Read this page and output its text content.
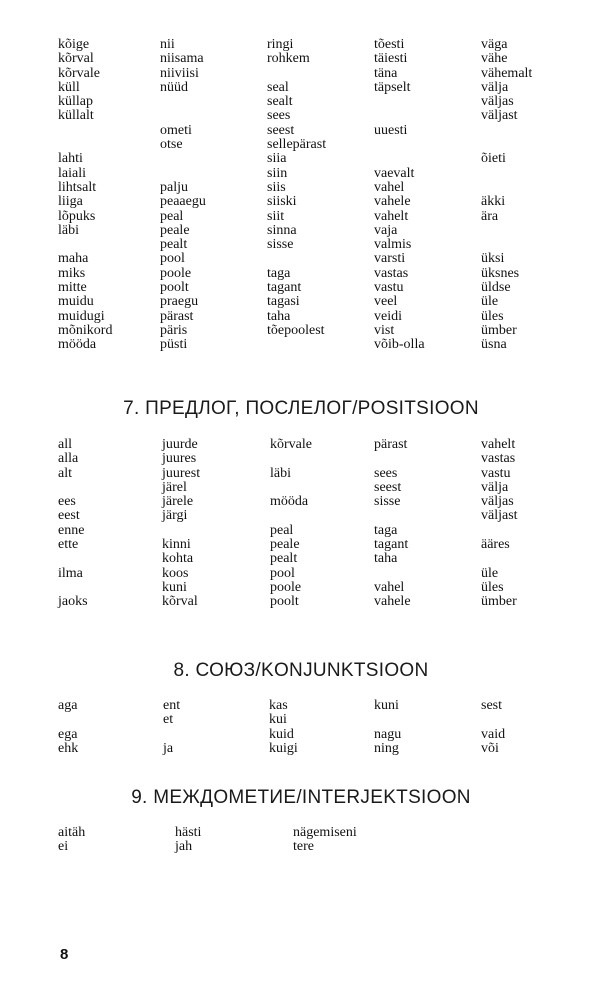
kõige
kõrval
kõrvale
küll
küllap
küllalt
lahti
laiali
lihtsalt
liiga
lõpuks
läbi
maha
miks
mitte
muidu
muidugi
mõnikord
mööda
nii
niisama
niiviisi
nüüd
ometi
otse
palju
peaaegu
peal
peale
pealt
pool
poole
poolt
praegu
pärast
päris
püsti
ringi
rohkem
seal
sealt
sees
seest
sellepärast
siia
siin
siis
siiski
siit
sinna
sisse
taga
tagant
tagasi
taha
tõepoolest
tõesti
täiesti
täna
täpselt
uuesti
vaevalt
vahel
vahele
vahelt
vaja
valmis
varsti
vastas
vastu
veel
veidi
vist
võib-olla
väga
vähe
vähemalt
välja
väljas
väljast
õieti
äkki
ära
üksi
üksnes
üldse
üle
üles
ümber
üsna
7. ПРЕДЛОГ, ПОСЛЕЛОГ/POSITSIOON
all
alla
alt
ees
eest
enne
ette
ilma
jaoks
juurde
juures
juurest
järel
järele
järgi
kinni
kohta
koos
kuni
kõrval
kõrvale
läbi
mööda
peal
peale
pealt
pool
poole
poolt
pärast
sees
seest
sisse
taga
tagant
taha
vahel
vahele
vahelt
vastas
vastu
välja
väljas
väljast
ääres
üle
üles
ümber
8. СОЮЗ/KONJUNKTSIOON
aga
ega
ehk
ent
et
ja
kas
kui
kuid
kuigi
kuni
nagu
ning
sest
vaid
või
9. МЕЖДОМЕТИЕ/INTERJEKTSIOON
aitäh
ei
hästi
jah
nägemiseni
tere
8
